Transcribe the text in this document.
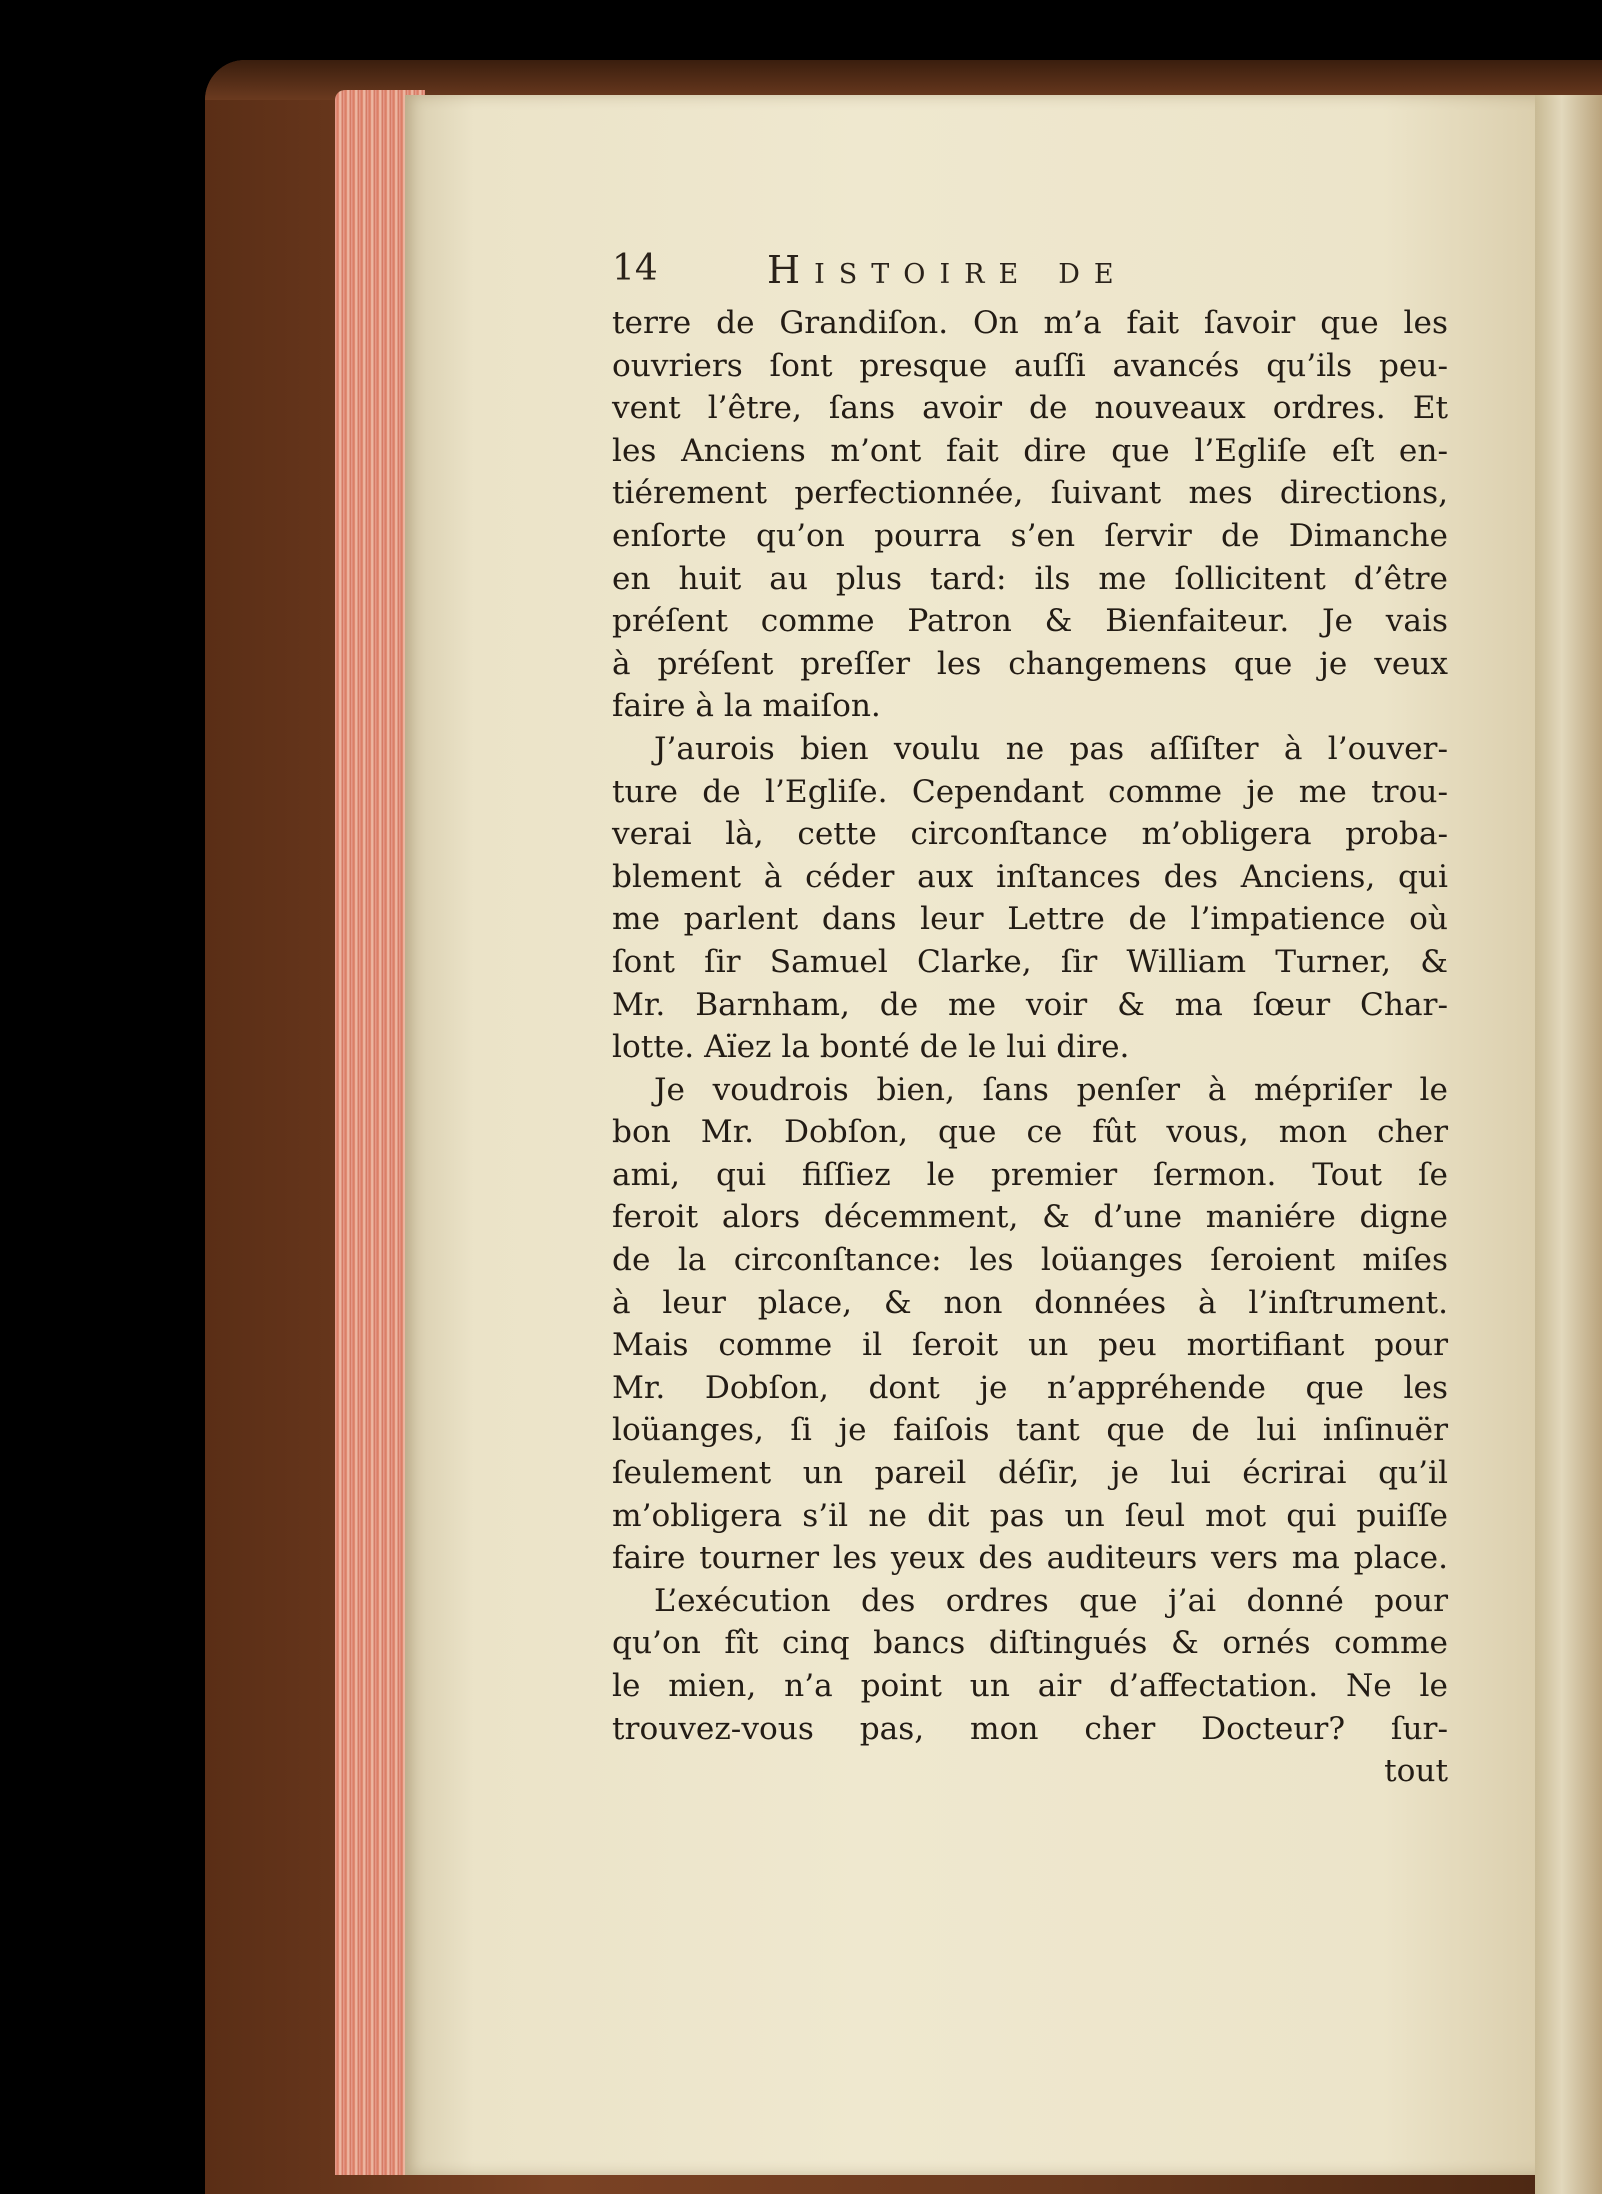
14	Histoire de
terre de Grandiſon. On m’a fait ſavoir que les
ouvriers ſont presque auſſi avancés qu’ils peu-
vent l’être, ſans avoir de nouveaux ordres. Et
les Anciens m’ont fait dire que l’Egliſe eſt en-
tiérement perfectionnée, ſuivant mes directions,
enſorte qu’on pourra s’en ſervir de Dimanche
en huit au plus tard: ils me ſollicitent d’être
préſent comme Patron & Bienfaiteur. Je vais
à préſent preſſer les changemens que je veux
faire à la maiſon.
J’aurois bien voulu ne pas aſſiſter à l’ouver-
ture de l’Egliſe. Cependant comme je me trou-
verai là, cette circonſtance m’obligera proba-
blement à céder aux inſtances des Anciens, qui
me parlent dans leur Lettre de l’impatience où
ſont ſir Samuel Clarke, ſir William Turner, &
Mr. Barnham, de me voir & ma ſœur Char-
lotte. Aïez la bonté de le lui dire.
Je voudrois bien, ſans penſer à mépriſer le
bon Mr. Dobſon, que ce fût vous, mon cher
ami, qui fiſſiez le premier ſermon. Tout ſe
feroit alors décemment, & d’une maniére digne
de la circonſtance: les loüanges ſeroient miſes
à leur place, & non données à l’inſtrument.
Mais comme il ſeroit un peu mortifiant pour
Mr. Dobſon, dont je n’appréhende que les
loüanges, ſi je faiſois tant que de lui inſinuër
ſeulement un pareil déſir, je lui écrirai qu’il
m’obligera s’il ne dit pas un ſeul mot qui puiſſe
faire tourner les yeux des auditeurs vers ma place.
L’exécution des ordres que j’ai donné pour
qu’on fît cinq bancs diſtingués & ornés comme
le mien, n’a point un air d’affectation. Ne le
trouvez-vous pas, mon cher Docteur? ſur-
tout
